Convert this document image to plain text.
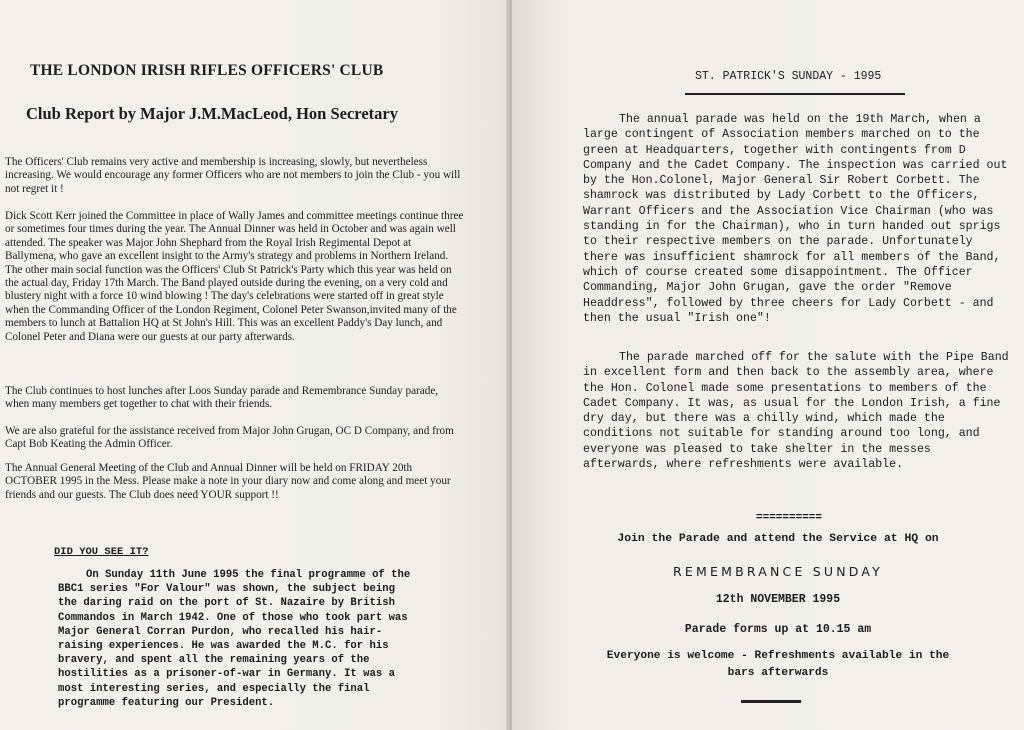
THE LONDON IRISH RIFLES OFFICERS' CLUB
Club Report by Major J.M.MacLeod, Hon Secretary

The Officers' Club remains very active and membership is increasing, slowly, but nevertheless increasing. We would encourage any former Officers who are not members to join the Club - you will not regret it !

Dick Scott Kerr joined the Committee in place of Wally James and committee meetings continue three or sometimes four times during the year. The Annual Dinner was held in October and was again well attended. The speaker was Major John Shephard from the Royal Irish Regimental Depot at Ballymena, who gave an excellent insight to the Army's strategy and problems in Northern Ireland. The other main social function was the Officers' Club St Patrick's Party which this year was held on the actual day, Friday 17th March. The Band played outside during the evening, on a very cold and blustery night with a force 10 wind blowing ! The day's celebrations were started off in great style when the Commanding Officer of the London Regiment, Colonel Peter Swanson,invited many of the members to lunch at Battalion HQ at St John's Hill. This was an excellent Paddy's Day lunch, and Colonel Peter and Diana were our guests at our party afterwards.

The Club continues to host lunches after Loos Sunday parade and Remembrance Sunday parade, when many members get together to chat with their friends.

We are also grateful for the assistance received from Major John Grugan, OC D Company, and from Capt Bob Keating the Admin Officer.

The Annual General Meeting of the Club and Annual Dinner will be held on FRIDAY 20th OCTOBER 1995 in the Mess. Please make a note in your diary now and come along and meet your friends and our guests. The Club does need YOUR support !!

DID YOU SEE IT?

On Sunday 11th June 1995 the final programme of the BBC1 series "For Valour" was shown, the subject being the daring raid on the port of St. Nazaire by British Commandos in March 1942. One of those who took part was Major General Corran Purdon, who recalled his hair-raising experiences. He was awarded the M.C. for his bravery, and spent all the remaining years of the hostilities as a prisoner-of-war in Germany. It was a most interesting series, and especially the final programme featuring our President.

ST. PATRICK'S SUNDAY - 1995

The annual parade was held on the 19th March, when a large contingent of Association members marched on to the green at Headquarters, together with contingents from D Company and the Cadet Company. The inspection was carried out by the Hon.Colonel, Major General Sir Robert Corbett. The shamrock was distributed by Lady Corbett to the Officers, Warrant Officers and the Association Vice Chairman (who was standing in for the Chairman), who in turn handed out sprigs to their respective members on the parade. Unfortunately there was insufficient shamrock for all members of the Band, which of course created some disappointment. The Officer Commanding, Major John Grugan, gave the order "Remove Headdress", followed by three cheers for Lady Corbett - and then the usual "Irish one"!

The parade marched off for the salute with the Pipe Band in excellent form and then back to the assembly area, where the Hon. Colonel made some presentations to members of the Cadet Company. It was, as usual for the London Irish, a fine dry day, but there was a chilly wind, which made the conditions not suitable for standing around too long, and everyone was pleased to take shelter in the messes afterwards, where refreshments were available.

==========

Join the Parade and attend the Service at HQ on

REMEMBRANCE SUNDAY

12th NOVEMBER 1995

Parade forms up at 10.15 am

Everyone is welcome - Refreshments available in the bars afterwards
